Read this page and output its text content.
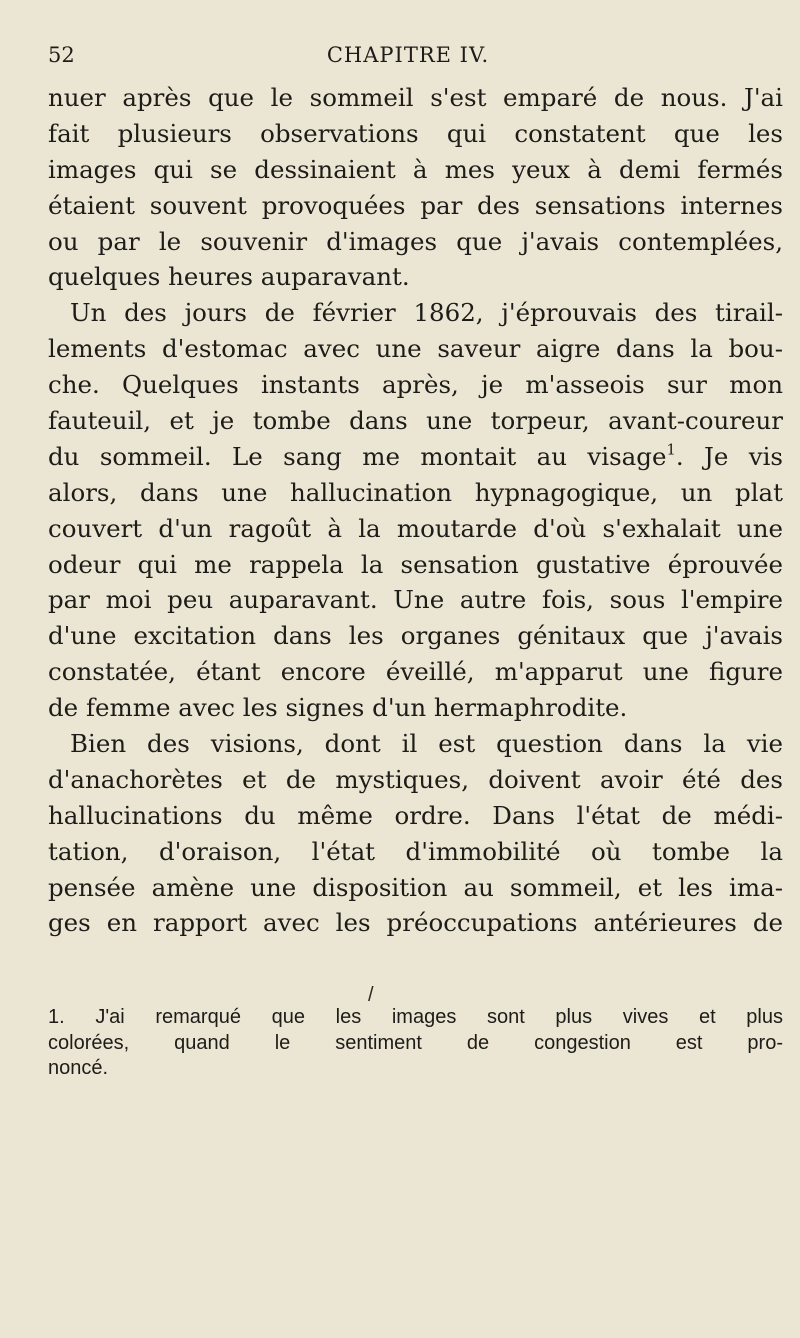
52	CHAPITRE IV.
nuer après que le sommeil s'est emparé de nous. J'ai
fait plusieurs observations qui constatent que les
images qui se dessinaient à mes yeux à demi fermés
étaient souvent provoquées par des sensations internes
ou par le souvenir d'images que j'avais contemplées,
quelques heures auparavant.
Un des jours de février 1862, j'éprouvais des tirail-
lements d'estomac avec une saveur aigre dans la bou-
che. Quelques instants après, je m'asseois sur mon
fauteuil, et je tombe dans une torpeur, avant-coureur
du sommeil. Le sang me montait au visage$^1$. Je vis
alors, dans une hallucination hypnagogique, un plat
couvert d'un ragoût à la moutarde d'où s'exhalait une
odeur qui me rappela la sensation gustative éprouvée
par moi peu auparavant. Une autre fois, sous l'empire
d'une excitation dans les organes génitaux que j'avais
constatée, étant encore éveillé, m'apparut une figure
de femme avec les signes d'un hermaphrodite.
Bien des visions, dont il est question dans la vie
d'anachorètes et de mystiques, doivent avoir été des
hallucinations du même ordre. Dans l'état de médi-
tation, d'oraison, l'état d'immobilité où tombe la
pensée amène une disposition au sommeil, et les ima-
ges en rapport avec les préoccupations antérieures de
/
1. J'ai remarqué que les images sont plus vives et plus
colorées, quand le sentiment de congestion est pro-
noncé.
